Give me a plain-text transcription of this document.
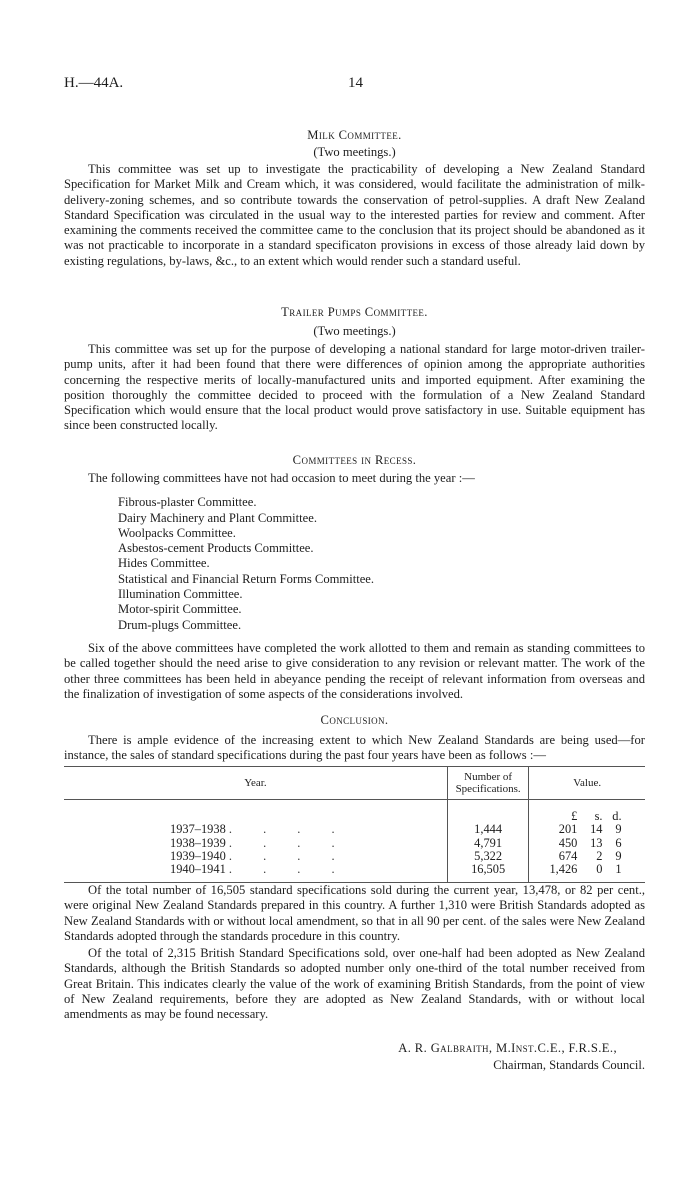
H.—44A.	14
Milk Committee.
(Two meetings.)

This committee was set up to investigate the practicability of developing a New Zealand Standard Specification for Market Milk and Cream which, it was considered, would facilitate the administration of milk-delivery-zoning schemes, and so contribute towards the conservation of petrol-supplies. A draft New Zealand Standard Specification was circulated in the usual way to the interested parties for review and comment. After examining the comments received the committee came to the conclusion that its project should be abandoned as it was not practicable to incorporate in a standard specificaton provisions in excess of those already laid down by existing regulations, by-laws, &c., to an extent which would render such a standard useful.

Trailer Pumps Committee.
(Two meetings.)

This committee was set up for the purpose of developing a national standard for large motor-driven trailer-pump units, after it had been found that there were differences of opinion among the appropriate authorities concerning the respective merits of locally-manufactured units and imported equipment. After examining the position thoroughly the committee decided to proceed with the formulation of a New Zealand Standard Specification which would ensure that the local product would prove satisfactory in use. Suitable equipment has since been constructed locally.

Committees in Recess.

The following committees have not had occasion to meet during the year :—

Fibrous-plaster Committee.
Dairy Machinery and Plant Committee.
Woolpacks Committee.
Asbestos-cement Products Committee.
Hides Committee.
Statistical and Financial Return Forms Committee.
Illumination Committee.
Motor-spirit Committee.
Drum-plugs Committee.

Six of the above committees have completed the work allotted to them and remain as standing committees to be called together should the need arise to give consideration to any revision or relevant matter. The work of the other three committees has been held in abeyance pending the receipt of relevant information from overseas and the finalization of investigation of some aspects of the considerations involved.

Conclusion.

There is ample evidence of the increasing extent to which New Zealand Standards are being used—for instance, the sales of standard specifications during the past four years have been as follows :—

Year.	Number of Specifications.	Value.
		£ s. d.
1937–1938 . . . .	1,444	201 14 9
1938–1939 . . . .	4,791	450 13 6
1939–1940 . . . .	5,322	674 2 9
1940–1941 . . . .	16,505	1,426 0 1

Of the total number of 16,505 standard specifications sold during the current year, 13,478, or 82 per cent., were original New Zealand Standards prepared in this country. A further 1,310 were British Standards adopted as New Zealand Standards with or without local amendment, so that in all 90 per cent. of the sales were New Zealand Standards adopted through the standards procedure in this country.

Of the total of 2,315 British Standard Specifications sold, over one-half had been adopted as New Zealand Standards, although the British Standards so adopted number only one-third of the total number received from Great Britain. This indicates clearly the value of the work of examining British Standards, from the point of view of New Zealand requirements, before they are adopted as New Zealand Standards, with or without local amendments as may be found necessary.

A. R. Galbraith, M.Inst.C.E., F.R.S.E.,
Chairman, Standards Council.
